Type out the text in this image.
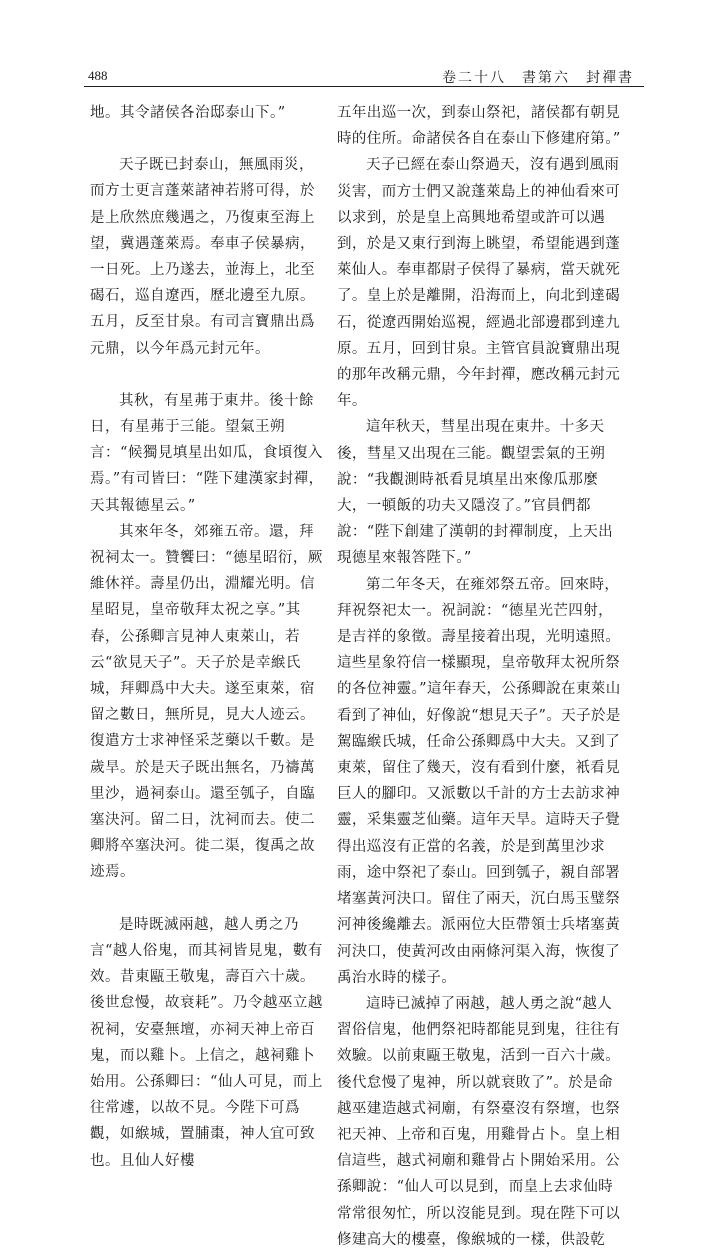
488	卷二十八　書第六　封禪書

地。其令諸侯各治邸泰山下。”

天子既已封泰山，無風雨災，而方士更言蓬萊諸神若將可得，於是上欣然庶幾遇之，乃復東至海上望，冀遇蓬萊焉。奉車子侯暴病，一日死。上乃遂去，並海上，北至碣石，巡自遼西，歷北邊至九原。五月，反至甘泉。有司言寶鼎出爲元鼎，以今年爲元封元年。

其秋，有星茀于東井。後十餘日，有星茀于三能。望氣王朔言：“候獨見填星出如瓜，食頃復入焉。”有司皆曰：“陛下建漢家封禪，天其報德星云。”

其來年冬，郊雍五帝。還，拜祝祠太一。贊饗曰：“德星昭衍，厥維休祥。壽星仍出，淵耀光明。信星昭見，皇帝敬拜太祝之享。”其春，公孫卿言見神人東萊山，若云“欲見天子”。天子於是幸緱氏城，拜卿爲中大夫。遂至東萊，宿留之數日，無所見，見大人迹云。復遣方士求神怪采芝藥以千數。是歲旱。於是天子既出無名，乃禱萬里沙，過祠泰山。還至瓠子，自臨塞決河。留二日，沈祠而去。使二卿將卒塞決河。徙二渠，復禹之故迹焉。

是時既滅兩越，越人勇之乃言“越人俗鬼，而其祠皆見鬼，數有效。昔東甌王敬鬼，壽百六十歲。後世怠慢，故衰耗”。乃令越巫立越祝祠，安臺無壇，亦祠天神上帝百鬼，而以雞卜。上信之，越祠雞卜始用。公孫卿曰：“仙人可見，而上往常遽，以故不見。今陛下可爲觀，如緱城，置脯棗，神人宜可致也。且仙人好樓

五年出巡一次，到泰山祭祀，諸侯都有朝見時的住所。命諸侯各自在泰山下修建府第。”

天子已經在泰山祭過天，沒有遇到風雨災害，而方士們又說蓬萊島上的神仙看來可以求到，於是皇上高興地希望或許可以遇到，於是又東行到海上眺望，希望能遇到蓬萊仙人。奉車都尉子侯得了暴病，當天就死了。皇上於是離開，沿海而上，向北到達碣石，從遼西開始巡視，經過北部邊郡到達九原。五月，回到甘泉。主管官員說寶鼎出現的那年改稱元鼎，今年封禪，應改稱元封元年。

這年秋天，彗星出現在東井。十多天後，彗星又出現在三能。觀望雲氣的王朔說：“我觀測時祇看見填星出來像瓜那麼大，一頓飯的功夫又隱沒了。”官員們都說：“陛下創建了漢朝的封禪制度，上天出現德星來報答陛下。”

第二年冬天，在雍郊祭五帝。回來時，拜祝祭祀太一。祝詞說：“德星光芒四射，是吉祥的象徵。壽星接着出現，光明遠照。這些星象符信一樣顯現，皇帝敬拜太祝所祭的各位神靈。”這年春天，公孫卿說在東萊山看到了神仙，好像說“想見天子”。天子於是駕臨緱氏城，任命公孫卿爲中大夫。又到了東萊，留住了幾天，沒有看到什麼，衹看見巨人的腳印。又派數以千計的方士去訪求神靈，采集靈芝仙藥。這年天旱。這時天子覺得出巡沒有正當的名義，於是到萬里沙求雨，途中祭祀了泰山。回到瓠子，親自部署堵塞黃河決口。留住了兩天，沉白馬玉璧祭河神後纔離去。派兩位大臣帶領士兵堵塞黃河決口，使黃河改由兩條河渠入海，恢復了禹治水時的樣子。

這時已滅掉了兩越，越人勇之說“越人習俗信鬼，他們祭祀時都能見到鬼，往往有效驗。以前東甌王敬鬼，活到一百六十歲。後代怠慢了鬼神，所以就衰敗了”。於是命越巫建造越式祠廟，有祭臺沒有祭壇，也祭祀天神、上帝和百鬼，用雞骨占卜。皇上相信這些，越式祠廟和雞骨占卜開始采用。公孫卿說：“仙人可以見到，而皇上去求仙時常常很匆忙，所以沒能見到。現在陛下可以修建高大的樓臺，像緱城的一樣，供設乾
